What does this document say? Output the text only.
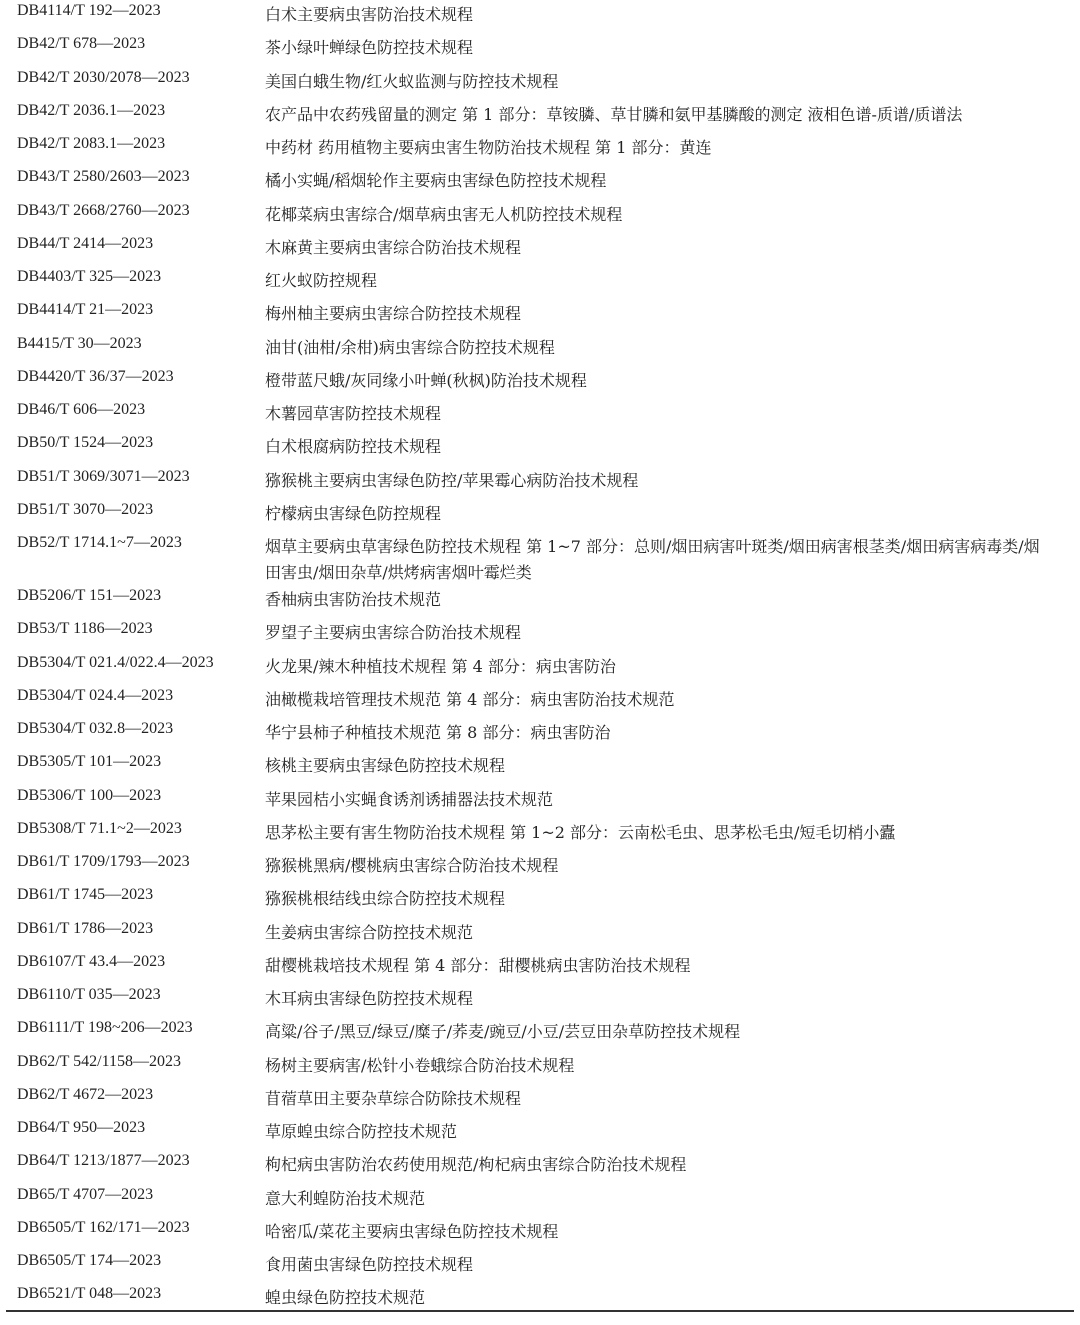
DB4114/T 192—2023	白术主要病虫害防治技术规程
DB42/T 678—2023	茶小绿叶蝉绿色防控技术规程
DB42/T 2030/2078—2023	美国白蛾生物/红火蚁监测与防控技术规程
DB42/T 2036.1—2023	农产品中农药残留量的测定 第 1 部分：草铵膦、草甘膦和氨甲基膦酸的测定 液相色谱-质谱/质谱法
DB42/T 2083.1—2023	中药材 药用植物主要病虫害生物防治技术规程 第 1 部分：黄连
DB43/T 2580/2603—2023	橘小实蝇/稻烟轮作主要病虫害绿色防控技术规程
DB43/T 2668/2760—2023	花椰菜病虫害综合/烟草病虫害无人机防控技术规程
DB44/T 2414—2023	木麻黄主要病虫害综合防治技术规程
DB4403/T 325—2023	红火蚁防控规程
DB4414/T 21—2023	梅州柚主要病虫害综合防控技术规程
B4415/T 30—2023	油甘(油柑/余柑)病虫害综合防控技术规程
DB4420/T 36/37—2023	橙带蓝尺蛾/灰同缘小叶蝉(秋枫)防治技术规程
DB46/T 606—2023	木薯园草害防控技术规程
DB50/T 1524—2023	白术根腐病防控技术规程
DB51/T 3069/3071—2023	猕猴桃主要病虫害绿色防控/苹果霉心病防治技术规程
DB51/T 3070—2023	柠檬病虫害绿色防控规程
DB52/T 1714.1~7—2023	烟草主要病虫草害绿色防控技术规程 第 1~7 部分：总则/烟田病害叶斑类/烟田病害根茎类/烟田病害病毒类/烟田害虫/烟田杂草/烘烤病害烟叶霉烂类
DB5206/T 151—2023	香柚病虫害防治技术规范
DB53/T 1186—2023	罗望子主要病虫害综合防治技术规程
DB5304/T 021.4/022.4—2023	火龙果/辣木种植技术规程 第 4 部分：病虫害防治
DB5304/T 024.4—2023	油橄榄栽培管理技术规范 第 4 部分：病虫害防治技术规范
DB5304/T 032.8—2023	华宁县柿子种植技术规范 第 8 部分：病虫害防治
DB5305/T 101—2023	核桃主要病虫害绿色防控技术规程
DB5306/T 100—2023	苹果园桔小实蝇食诱剂诱捕器法技术规范
DB5308/T 71.1~2—2023	思茅松主要有害生物防治技术规程 第 1~2 部分：云南松毛虫、思茅松毛虫/短毛切梢小蠹
DB61/T 1709/1793—2023	猕猴桃黑病/樱桃病虫害综合防治技术规程
DB61/T 1745—2023	猕猴桃根结线虫综合防控技术规程
DB61/T 1786—2023	生姜病虫害综合防控技术规范
DB6107/T 43.4—2023	甜樱桃栽培技术规程 第 4 部分：甜樱桃病虫害防治技术规程
DB6110/T 035—2023	木耳病虫害绿色防控技术规程
DB6111/T 198~206—2023	高粱/谷子/黑豆/绿豆/糜子/荞麦/豌豆/小豆/芸豆田杂草防控技术规程
DB62/T 542/1158—2023	杨树主要病害/松针小卷蛾综合防治技术规程
DB62/T 4672—2023	苜蓿草田主要杂草综合防除技术规程
DB64/T 950—2023	草原蝗虫综合防控技术规范
DB64/T 1213/1877—2023	枸杞病虫害防治农药使用规范/枸杞病虫害综合防治技术规程
DB65/T 4707—2023	意大利蝗防治技术规范
DB6505/T 162/171—2023	哈密瓜/菜花主要病虫害绿色防控技术规程
DB6505/T 174—2023	食用菌虫害绿色防控技术规程
DB6521/T 048—2023	蝗虫绿色防控技术规范
